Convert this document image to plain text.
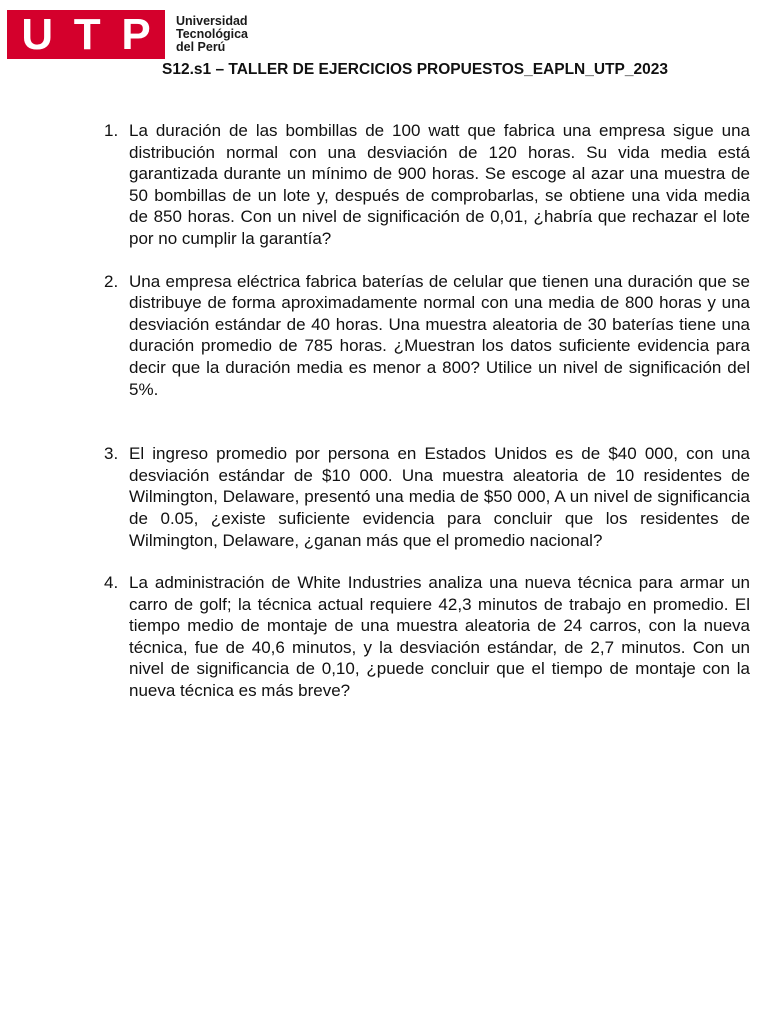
U T P Universidad
Tecnológica
del Perú
S12.s1 – TALLER DE EJERCICIOS PROPUESTOS_EAPLN_UTP_2023
1. La duración de las bombillas de 100 watt que fabrica una empresa sigue una distribución normal con una desviación de 120 horas. Su vida media está garantizada durante un mínimo de 900 horas. Se escoge al azar una muestra de 50 bombillas de un lote y, después de comprobarlas, se obtiene una vida media de 850 horas. Con un nivel de significación de 0,01, ¿habría que rechazar el lote por no cumplir la garantía?
2. Una empresa eléctrica fabrica baterías de celular que tienen una duración que se distribuye de forma aproximadamente normal con una media de 800 horas y una desviación estándar de 40 horas. Una muestra aleatoria de 30 baterías tiene una duración promedio de 785 horas. ¿Muestran los datos suficiente evidencia para decir que la duración media es menor a 800? Utilice un nivel de significación del 5%.
3. El ingreso promedio por persona en Estados Unidos es de $40 000, con una desviación estándar de $10 000. Una muestra aleatoria de 10 residentes de Wilmington, Delaware, presentó una media de $50 000, A un nivel de significancia de 0.05, ¿existe suficiente evidencia para concluir que los residentes de Wilmington, Delaware, ¿ganan más que el promedio nacional?
4. La administración de White Industries analiza una nueva técnica para armar un carro de golf; la técnica actual requiere 42,3 minutos de trabajo en promedio. El tiempo medio de montaje de una muestra aleatoria de 24 carros, con la nueva técnica, fue de 40,6 minutos, y la desviación estándar, de 2,7 minutos. Con un nivel de significancia de 0,10, ¿puede concluir que el tiempo de montaje con la nueva técnica es más breve?
